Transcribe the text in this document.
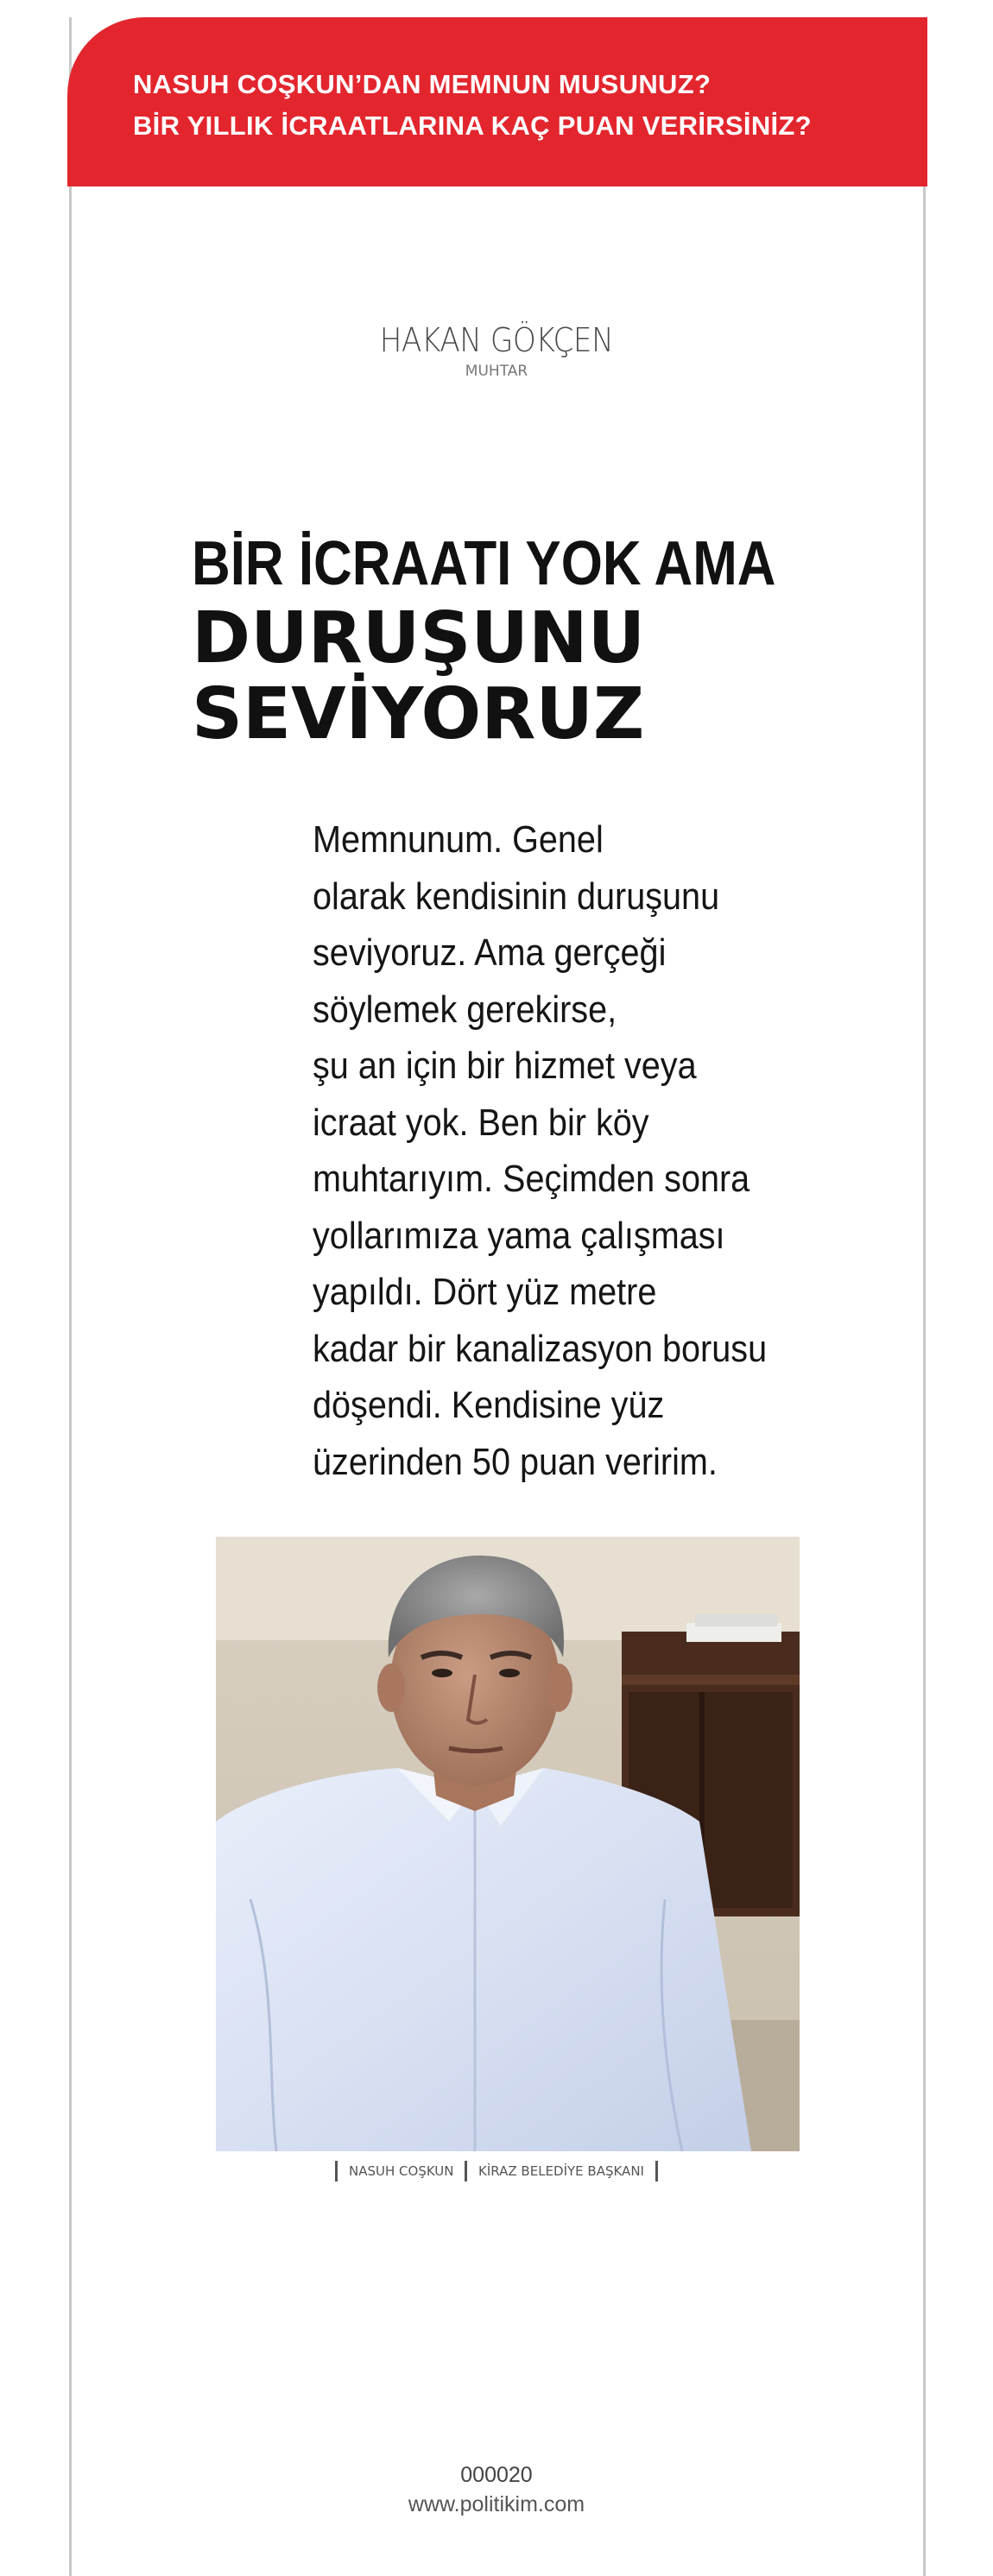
NASUH COŞKUN’DAN MEMNUN MUSUNUZ?
BİR YILLIK İCRAATLARINA KAÇ PUAN VERİRSİNİZ?
HAKAN GÖKÇEN
MUHTAR
BİR İCRAATI YOK AMA
DURUŞUNU
SEVİYORUZ
Memnunum. Genel
olarak kendisinin duruşunu
seviyoruz. Ama gerçeği
söylemek gerekirse,
şu an için bir hizmet veya
icraat yok. Ben bir köy
muhtarıyım. Seçimden sonra
yollarımıza yama çalışması
yapıldı. Dört yüz metre
kadar bir kanalizasyon borusu
döşendi. Kendisine yüz
üzerinden 50 puan veririm.
NASUH COŞKUN KİRAZ BELEDİYE BAŞKANI
000020
www.politikim.com
